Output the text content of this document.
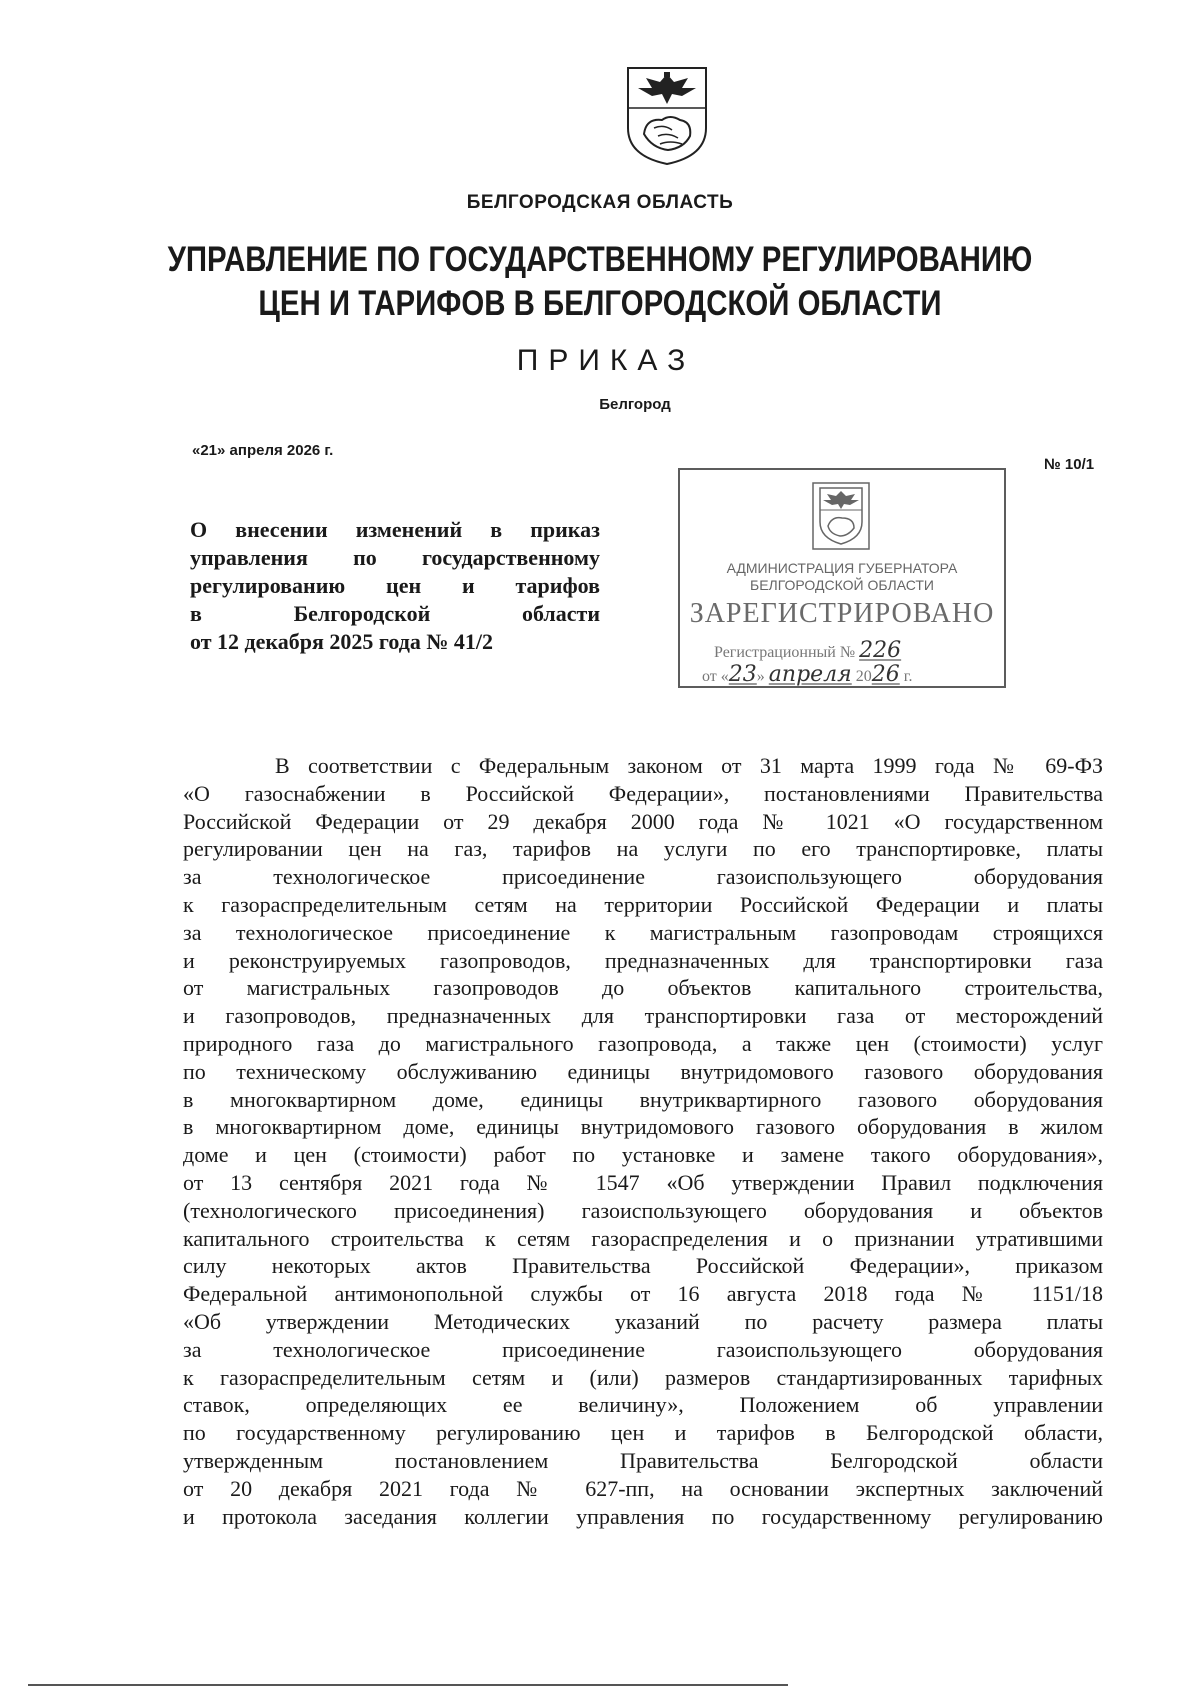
БЕЛГОРОДСКАЯ ОБЛАСТЬ
УПРАВЛЕНИЕ ПО ГОСУДАРСТВЕННОМУ РЕГУЛИРОВАНИЮ
ЦЕН И ТАРИФОВ В БЕЛГОРОДСКОЙ ОБЛАСТИ
ПРИКАЗ
Белгород
«21» апреля 2026 г.
№ 10/1
О внесении изменений в приказ
управления по государственному
регулированию цен и тарифов
в Белгородской области
от 12 декабря 2025 года № 41/2
АДМИНИСТРАЦИЯ ГУБЕРНАТОРА
БЕЛГОРОДСКОЙ ОБЛАСТИ
ЗАРЕГИСТРИРОВАНО
Регистрационный № 226
от «23» апреля 2026 г.
В соответствии с Федеральным законом от 31 марта 1999 года № 69-ФЗ
«О газоснабжении в Российской Федерации», постановлениями Правительства
Российской Федерации от 29 декабря 2000 года № 1021 «О государственном
регулировании цен на газ, тарифов на услуги по его транспортировке, платы
за технологическое присоединение газоиспользующего оборудования
к газораспределительным сетям на территории Российской Федерации и платы
за технологическое присоединение к магистральным газопроводам строящихся
и реконструируемых газопроводов, предназначенных для транспортировки газа
от магистральных газопроводов до объектов капитального строительства,
и газопроводов, предназначенных для транспортировки газа от месторождений
природного газа до магистрального газопровода, а также цен (стоимости) услуг
по техническому обслуживанию единицы внутридомового газового оборудования
в многоквартирном доме, единицы внутриквартирного газового оборудования
в многоквартирном доме, единицы внутридомового газового оборудования в жилом
доме и цен (стоимости) работ по установке и замене такого оборудования»,
от 13 сентября 2021 года № 1547 «Об утверждении Правил подключения
(технологического присоединения) газоиспользующего оборудования и объектов
капитального строительства к сетям газораспределения и о признании утратившими
силу некоторых актов Правительства Российской Федерации», приказом
Федеральной антимонопольной службы от 16 августа 2018 года № 1151/18
«Об утверждении Методических указаний по расчету размера платы
за технологическое присоединение газоиспользующего оборудования
к газораспределительным сетям и (или) размеров стандартизированных тарифных
ставок, определяющих ее величину», Положением об управлении
по государственному регулированию цен и тарифов в Белгородской области,
утвержденным постановлением Правительства Белгородской области
от 20 декабря 2021 года № 627-пп, на основании экспертных заключений
и протокола заседания коллегии управления по государственному регулированию
